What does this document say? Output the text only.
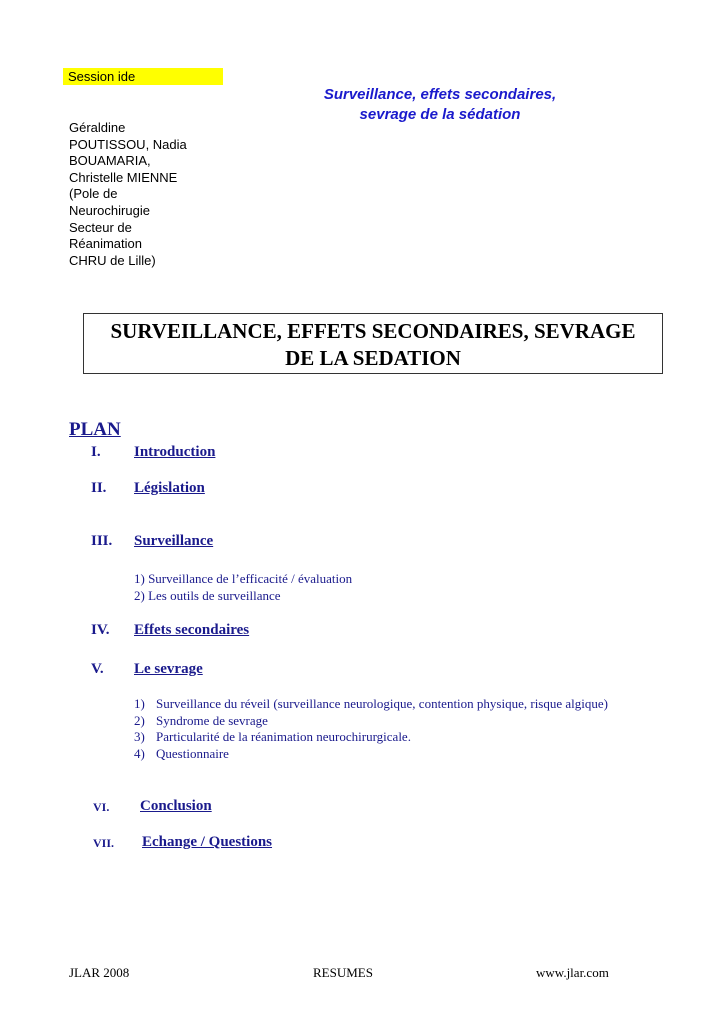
Session ide
Surveillance, effets secondaires,
sevrage de la sédation
Géraldine
POUTISSOU, Nadia
BOUAMARIA,
Christelle MIENNE
(Pole de
Neurochirugie
Secteur de
Réanimation
CHRU de Lille)
SURVEILLANCE, EFFETS SECONDAIRES, SEVRAGE
DE LA SEDATION
PLAN
I. Introduction
II. Législation
III. Surveillance
1) Surveillance de l’efficacité / évaluation
2) Les outils de surveillance
IV. Effets secondaires
V. Le sevrage
1) Surveillance du réveil (surveillance neurologique, contention physique, risque algique)
2) Syndrome de sevrage
3) Particularité de la réanimation neurochirurgicale.
4) Questionnaire
VI. Conclusion
VII. Echange / Questions
JLAR 2008	RESUMES	www.jlar.com
